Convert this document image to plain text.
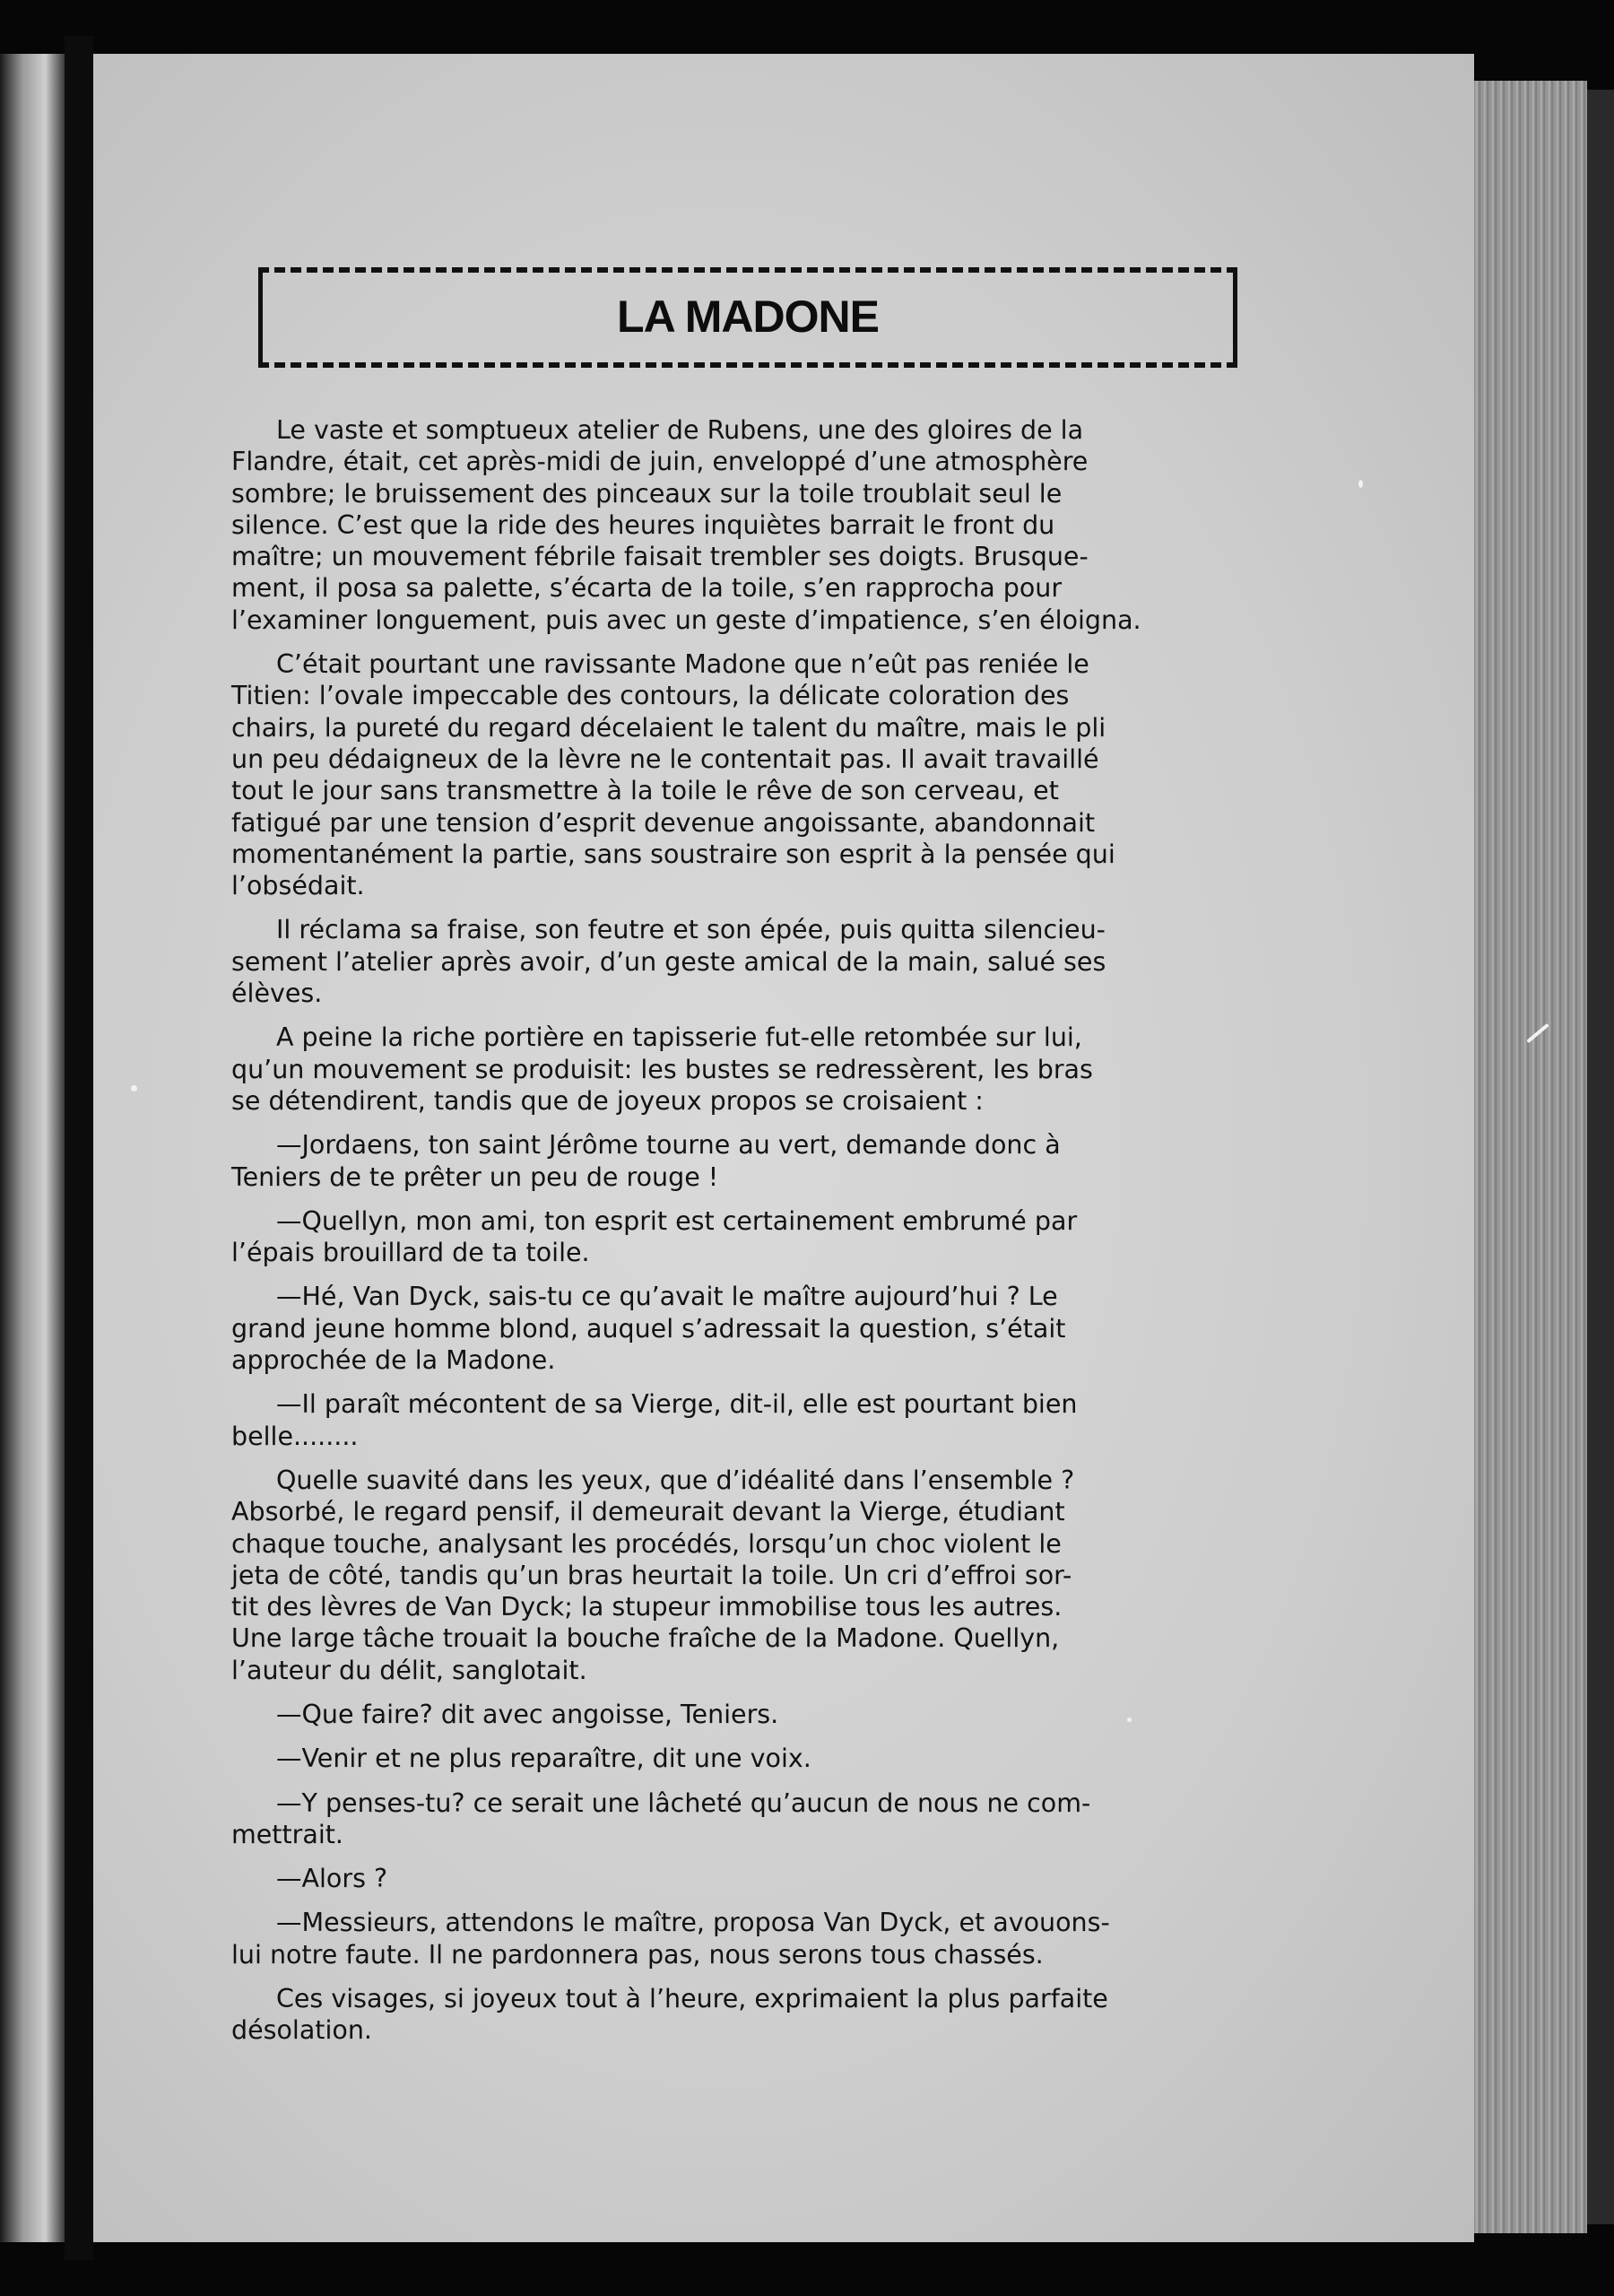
LA MADONE
Le vaste et somptueux atelier de Rubens, une des gloires de la
Flandre, était, cet après-midi de juin, enveloppé d’une atmosphère
sombre; le bruissement des pinceaux sur la toile troublait seul le
silence. C’est que la ride des heures inquiètes barrait le front du
maître; un mouvement fébrile faisait trembler ses doigts. Brusque-
ment, il posa sa palette, s’écarta de la toile, s’en rapprocha pour
l’examiner longuement, puis avec un geste d’impatience, s’en éloigna.
C’était pourtant une ravissante Madone que n’eût pas reniée le
Titien: l’ovale impeccable des contours, la délicate coloration des
chairs, la pureté du regard décelaient le talent du maître, mais le pli
un peu dédaigneux de la lèvre ne le contentait pas. Il avait travaillé
tout le jour sans transmettre à la toile le rêve de son cerveau, et
fatigué par une tension d’esprit devenue angoissante, abandonnait
momentanément la partie, sans soustraire son esprit à la pensée qui
l’obsédait.
Il réclama sa fraise, son feutre et son épée, puis quitta silencieu-
sement l’atelier après avoir, d’un geste amical de la main, salué ses
élèves.
A peine la riche portière en tapisserie fut-elle retombée sur lui,
qu’un mouvement se produisit: les bustes se redressèrent, les bras
se détendirent, tandis que de joyeux propos se croisaient :
—Jordaens, ton saint Jérôme tourne au vert, demande donc à
Teniers de te prêter un peu de rouge !
—Quellyn, mon ami, ton esprit est certainement embrumé par
l’épais brouillard de ta toile.
—Hé, Van Dyck, sais-tu ce qu’avait le maître aujourd’hui ? Le
grand jeune homme blond, auquel s’adressait la question, s’était
approchée de la Madone.
—Il paraît mécontent de sa Vierge, dit-il, elle est pourtant bien
belle........
Quelle suavité dans les yeux, que d’idéalité dans l’ensemble ?
Absorbé, le regard pensif, il demeurait devant la Vierge, étudiant
chaque touche, analysant les procédés, lorsqu’un choc violent le
jeta de côté, tandis qu’un bras heurtait la toile. Un cri d’effroi sor-
tit des lèvres de Van Dyck; la stupeur immobilise tous les autres.
Une large tâche trouait la bouche fraîche de la Madone. Quellyn,
l’auteur du délit, sanglotait.
—Que faire? dit avec angoisse, Teniers.
—Venir et ne plus reparaître, dit une voix.
—Y penses-tu? ce serait une lâcheté qu’aucun de nous ne com-
mettrait.
—Alors ?
—Messieurs, attendons le maître, proposa Van Dyck, et avouons-
lui notre faute. Il ne pardonnera pas, nous serons tous chassés.
Ces visages, si joyeux tout à l’heure, exprimaient la plus parfaite
désolation.
